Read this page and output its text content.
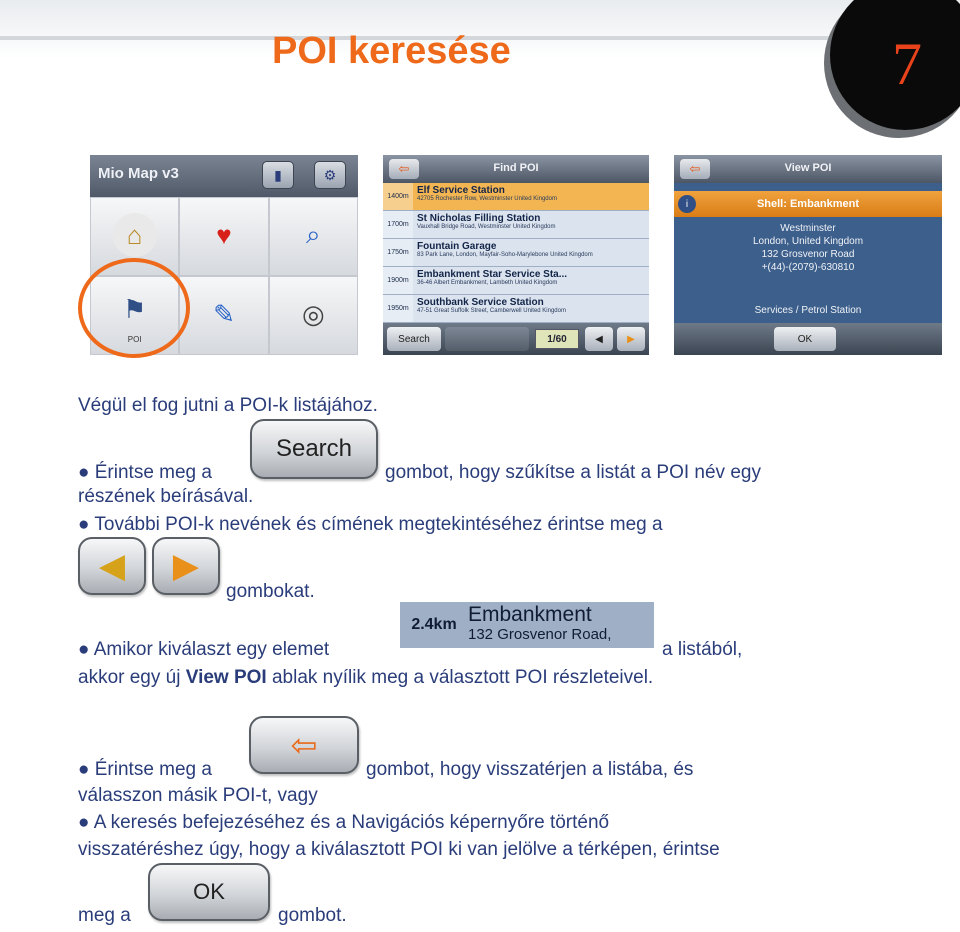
POI keresése	7
Mio Map v3	▮	⚙
⌂	♥	⌕
⚑
POI
✎	◎
⇦	Find POI
1400m
Elf Service Station
42705 Rochester Row, Westminster United Kingdom
1700m
St Nicholas Filling Station
Vauxhall Bridge Road, Westminster United Kingdom
1750m
Fountain Garage
83 Park Lane, London, Mayfair-Soho-Marylebone United Kingdom
1900m
Embankment Star Service Sta...
36-46 Albert Embankment, Lambeth United Kingdom
1950m
Southbank Service Station
47-51 Great Suffolk Street, Camberwell United Kingdom
Search	1/60	◀	▶
⇦	View POI
i	Shell: Embankment
Westminster
London, United Kingdom
132 Grosvenor Road
+(44)-(2079)-630810
Services / Petrol Station
OK
Végül el fog jutni a POI-k listájához.
● Érintse meg a
Search
gombot, hogy szűkítse a listát a POI név egy
részének beírásával.
● További POI-k nevének és címének megtekintéséhez érintse meg a
◀ ▶
gombokat.
● Amikor kiválaszt egy elemet
2.4km Embankment
132 Grosvenor Road,
a listából,
akkor egy új View POI ablak nyílik meg a választott POI részleteivel.
● Érintse meg a
⇦
gombot, hogy visszatérjen a listába, és
válasszon másik POI-t, vagy
● A keresés befejezéséhez és a Navigációs képernyőre történő
visszatéréshez úgy, hogy a kiválasztott POI ki van jelölve a térképen, érintse
meg a
OK
gombot.
